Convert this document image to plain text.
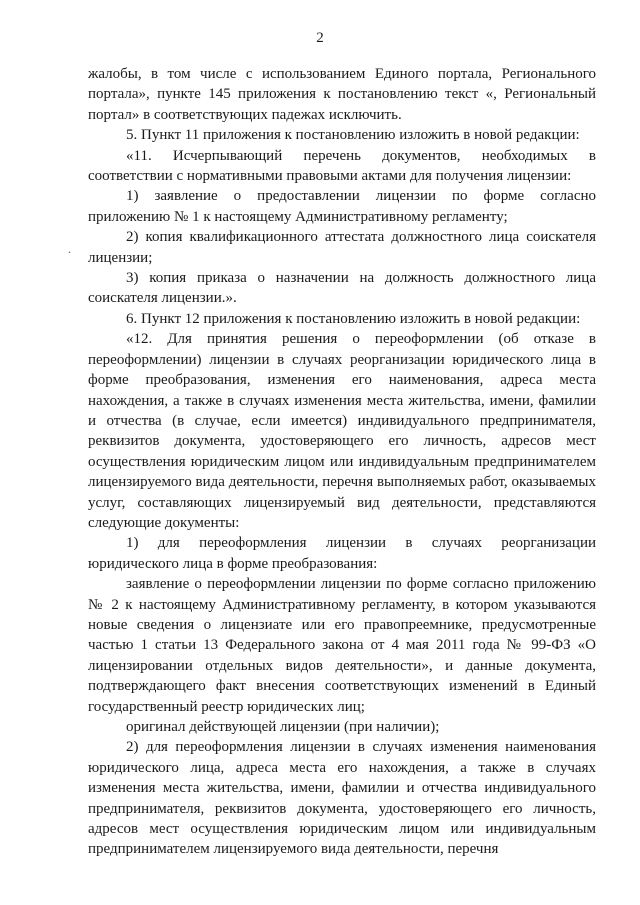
2
.

жалобы, в том числе с использованием Единого портала, Регионального портала», пункте 145 приложения к постановлению текст «, Региональный портал» в соответствующих падежах исключить.

5. Пункт 11 приложения к постановлению изложить в новой редакции:

«11. Исчерпывающий перечень документов, необходимых в соответствии с нормативными правовыми актами для получения лицензии:

1) заявление о предоставлении лицензии по форме согласно приложению № 1 к настоящему Административному регламенту;

2) копия квалификационного аттестата должностного лица соискателя лицензии;

3) копия приказа о назначении на должность должностного лица соискателя лицензии.».

6. Пункт 12 приложения к постановлению изложить в новой редакции:

«12. Для принятия решения о переоформлении (об отказе в переоформлении) лицензии в случаях реорганизации юридического лица в форме преобразования, изменения его наименования, адреса места нахождения, а также в случаях изменения места жительства, имени, фамилии и отчества (в случае, если имеется) индивидуального предпринимателя, реквизитов документа, удостоверяющего его личность, адресов мест осуществления юридическим лицом или индивидуальным предпринимателем лицензируемого вида деятельности, перечня выполняемых работ, оказываемых услуг, составляющих лицензируемый вид деятельности, представляются следующие документы:

1) для переоформления лицензии в случаях реорганизации юридического лица в форме преобразования:

заявление о переоформлении лицензии по форме согласно приложению № 2 к настоящему Административному регламенту, в котором указываются новые сведения о лицензиате или его правопреемнике, предусмотренные частью 1 статьи 13 Федерального закона от 4 мая 2011 года № 99-ФЗ «О лицензировании отдельных видов деятельности», и данные документа, подтверждающего факт внесения соответствующих изменений в Единый государственный реестр юридических лиц;

оригинал действующей лицензии (при наличии);

2) для переоформления лицензии в случаях изменения наименования юридического лица, адреса места его нахождения, а также в случаях изменения места жительства, имени, фамилии и отчества индивидуального предпринимателя, реквизитов документа, удостоверяющего его личность, адресов мест осуществления юридическим лицом или индивидуальным предпринимателем лицензируемого вида деятельности, перечня
